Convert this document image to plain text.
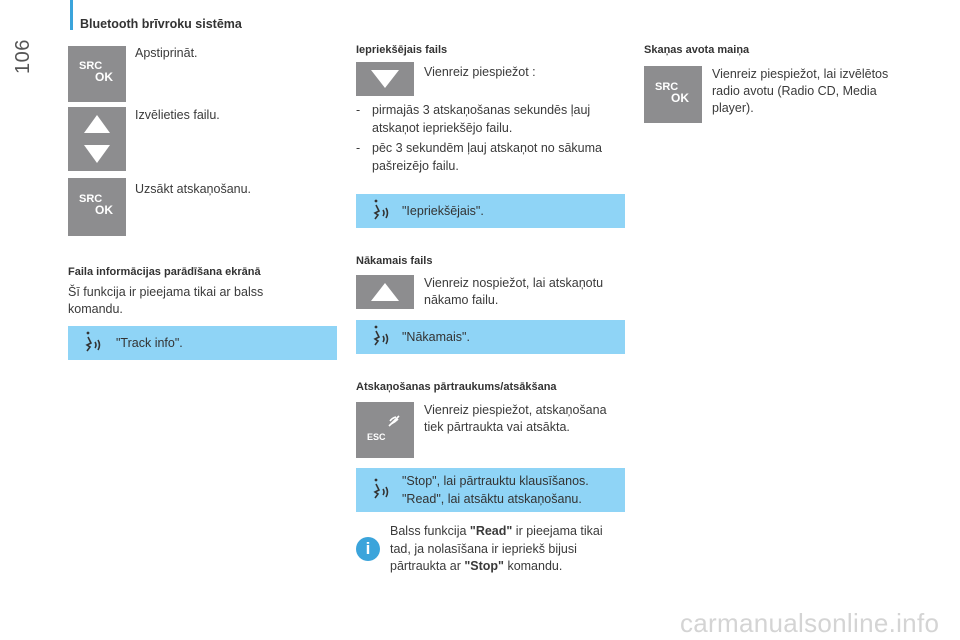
Bluetooth brīvroku sistēma
106	SRC
OK
Apstiprināt.
Izvēlieties failu.
SRC
OK
Uzsākt atskaņošanu.
Faila informācijas parādīšana ekrānā
Šī funkcija ir pieejama tikai ar balss
komandu.
"Track info".
Iepriekšējais fails
Vienreiz piespiežot :
- pirmajās 3 atskaņošanas sekundēs ļauj
atskaņot iepriekšējo failu.
- pēc 3 sekundēm ļauj atskaņot no sākuma
pašreizējo failu.
"Iepriekšējais".
Nākamais fails
Vienreiz nospiežot, lai atskaņotu
nākamo failu.
"Nākamais".
Atskaņošanas pārtraukums/atsākšana
ESC
Vienreiz piespiežot, atskaņošana
tiek pārtraukta vai atsākta.
"Stop", lai pārtrauktu klausīšanos.
"Read", lai atsāktu atskaņošanu.
i
Balss funkcija "Read" ir pieejama tikai
tad, ja nolasīšana ir iepriekš bijusi
pārtraukta ar "Stop" komandu.
Skaņas avota maiņa
SRC
OK
Vienreiz piespiežot, lai izvēlētos
radio avotu (Radio CD, Media
player).
carmanualsonline.info
